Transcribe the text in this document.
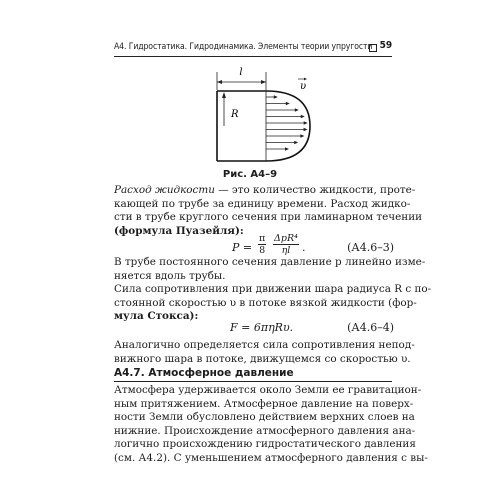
А4. Гидростатика. Гидродинамика. Элементы теории упругости 59
l
R
υ
Рис. А4–9
Расход жидкости — это количество жидкости, протe-
кающей по трубе за единицу времени. Расход жидко-
сти в трубе круглого сечения при ламинарном течении
(формула Пуазейля):
$P = \frac{\pi}{8} \Delta pR^4$
ηl	.	(А4.6–3)
В трубе постоянного сечения давление p линейно изме-
няется вдоль трубы.
Сила сопротивления при движении шара радиуса R с по-
стоянной скоростью υ в потоке вязкой жидкости (фор-
мула Стокса):
F = 6πηRυ.	(А4.6–4)
Аналогично определяется сила сопротивления непод-
вижного шара в потоке, движущемся со скоростью υ.
А4.7. Атмосферное давление
Атмосфера удерживается около Земли ее гравитацион-
ным притяжением. Атмосферное давление на поверх-
ности Земли обусловлено действием верхних слоев на
нижние. Происхождение атмосферного давления ана-
логично происхождению гидростатического давления
(см. А4.2). С уменьшением атмосферного давления с вы-
